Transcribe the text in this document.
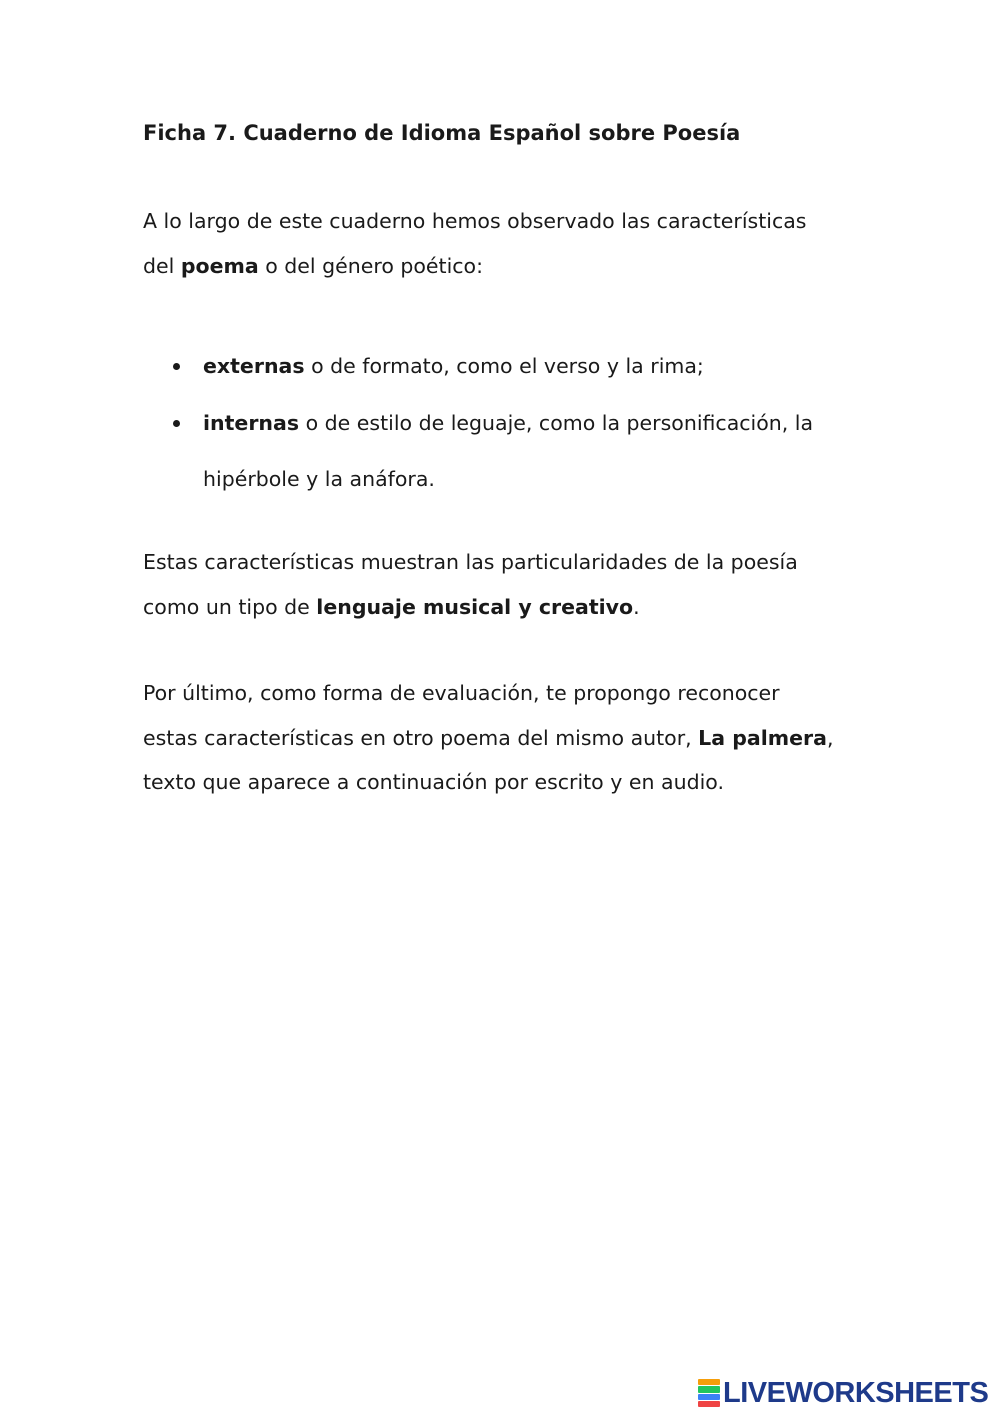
Ficha 7. Cuaderno de Idioma Español sobre Poesía

A lo largo de este cuaderno hemos observado las características
del poema o del género poético:

externas o de formato, como el verso y la rima;
internas o de estilo de leguaje, como la personificación, la
hipérbole y la anáfora.

Estas características muestran las particularidades de la poesía
como un tipo de lenguaje musical y creativo.

Por último, como forma de evaluación, te propongo reconocer
estas características en otro poema del mismo autor, La palmera,
texto que aparece a continuación por escrito y en audio.

LIVEWORKSHEETS
